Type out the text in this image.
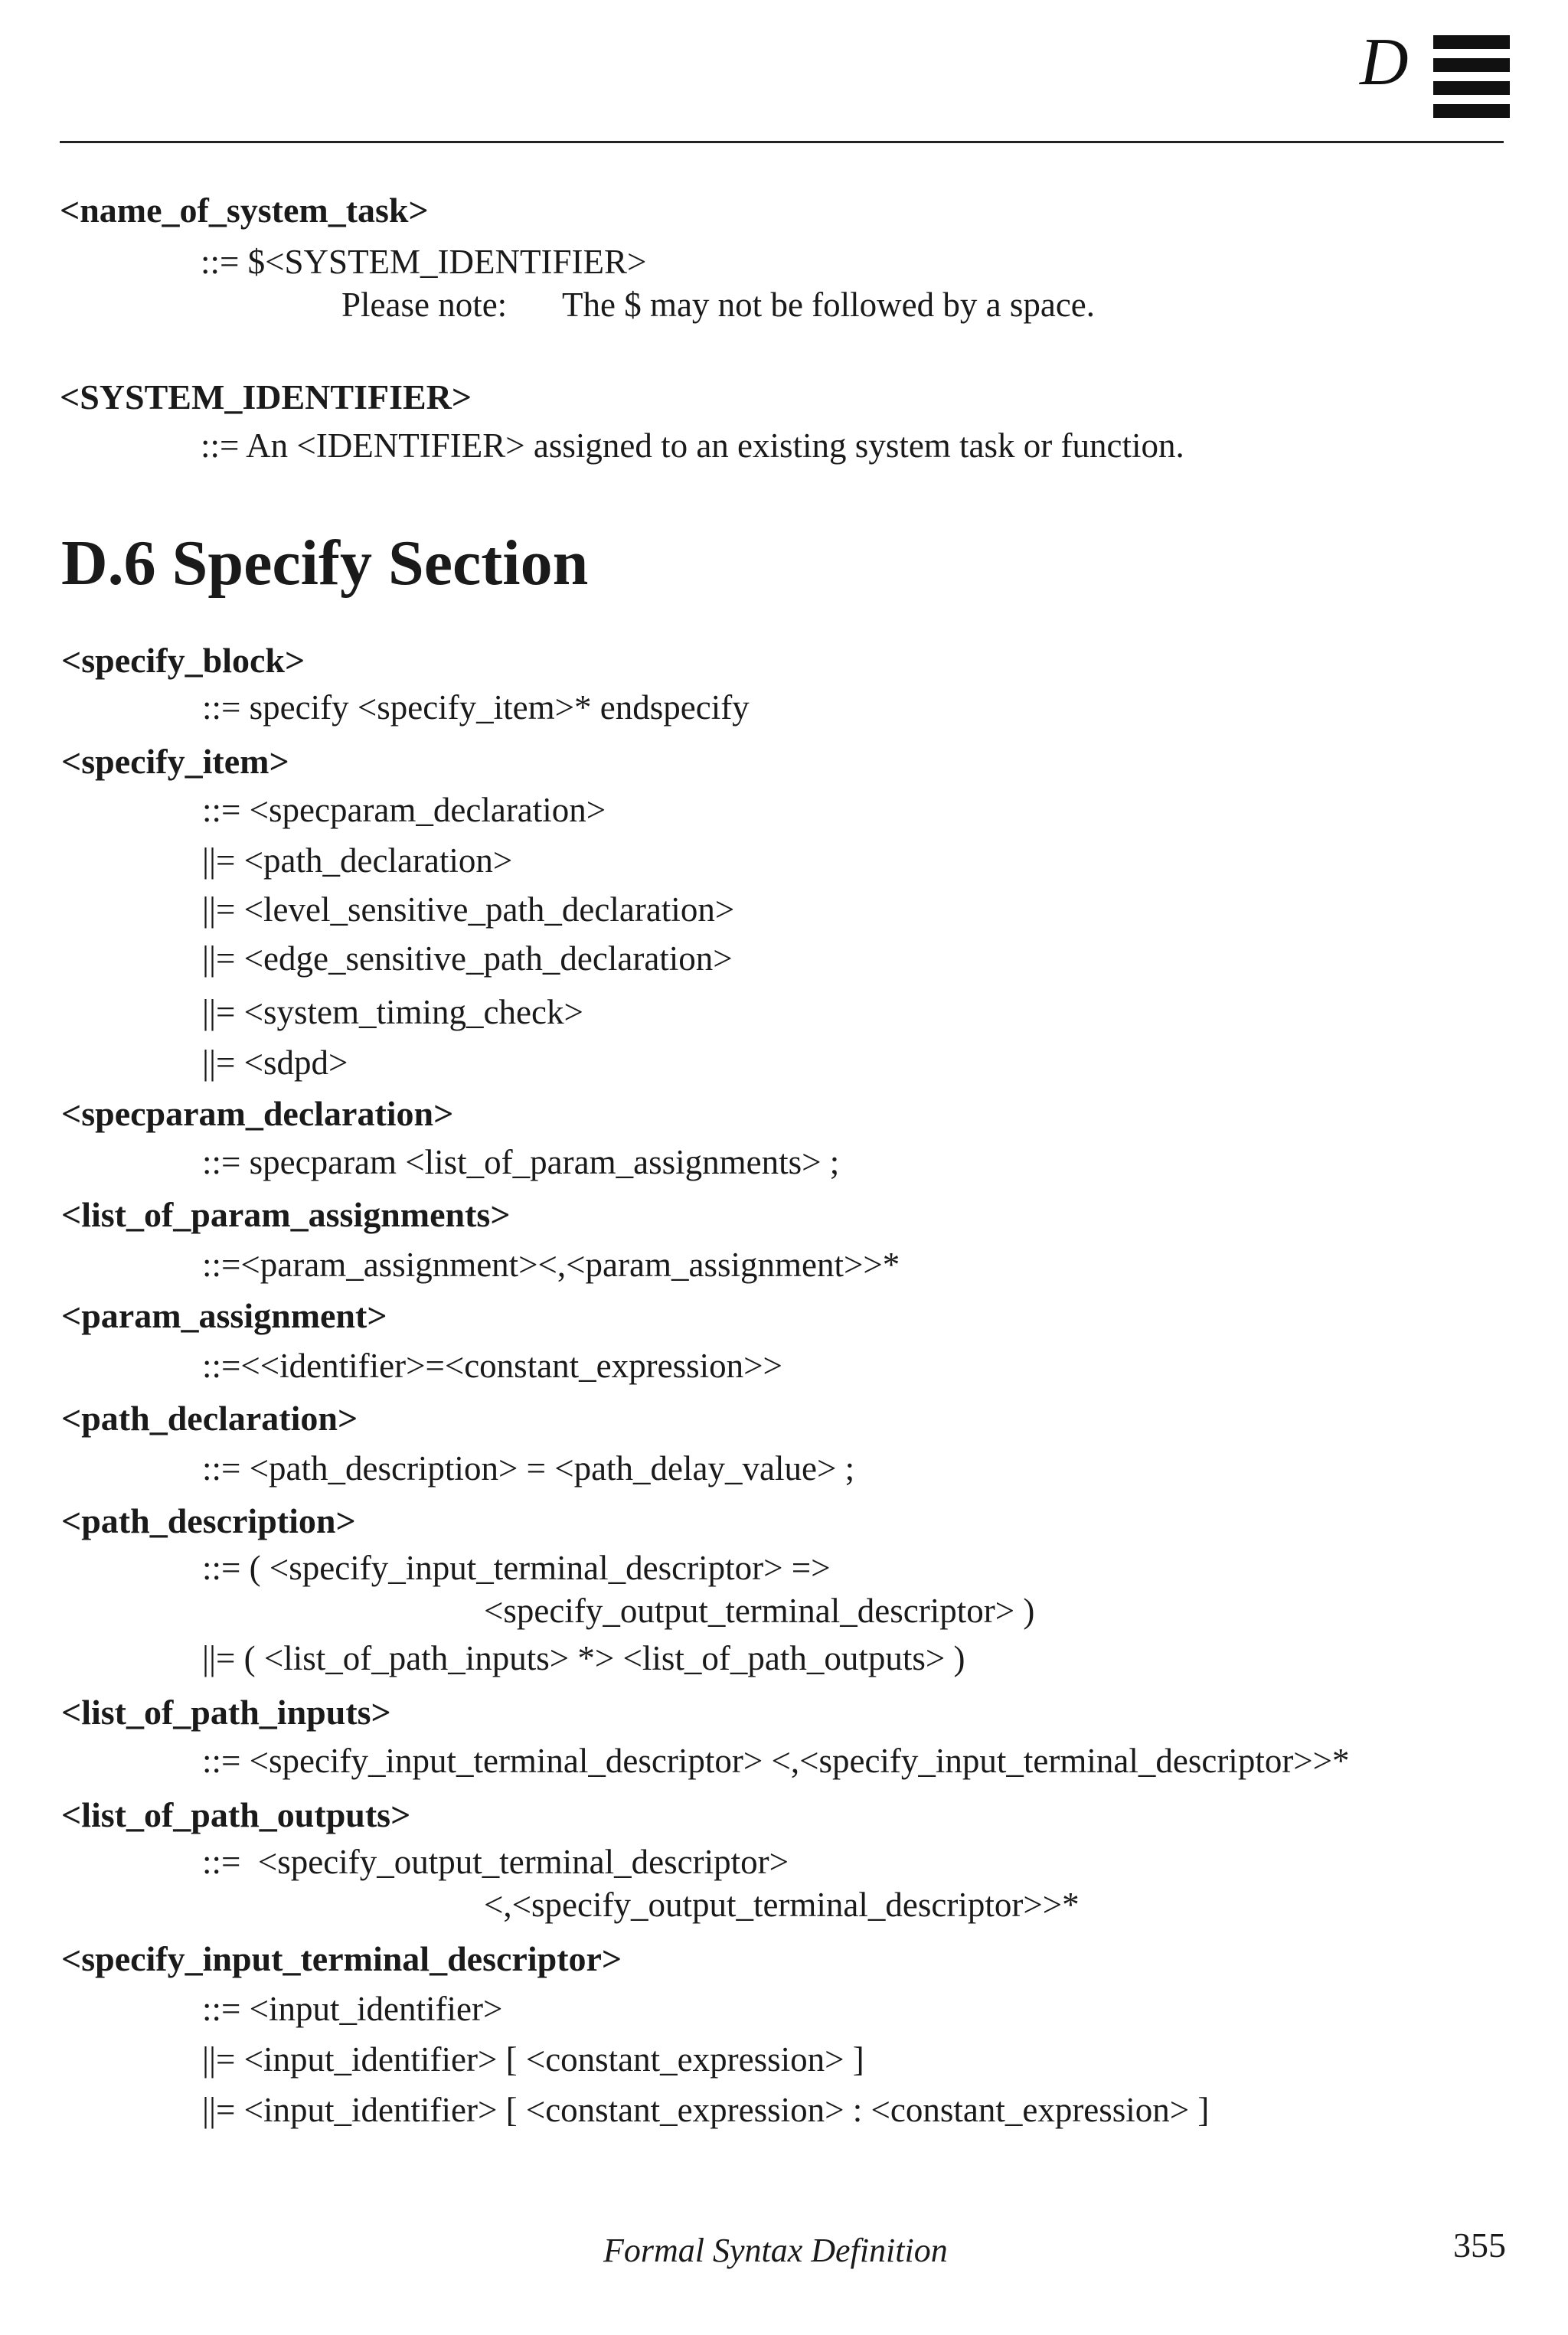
D
<name_of_system_task>
::= $<SYSTEM_IDENTIFIER>
Please note: The $ may not be followed by a space.
<SYSTEM_IDENTIFIER>
::= An <IDENTIFIER> assigned to an existing system task or function.
D.6 Specify Section
<specify_block>
::= specify <specify_item>* endspecify
<specify_item>
::= <specparam_declaration>
||= <path_declaration>
||= <level_sensitive_path_declaration>
||= <edge_sensitive_path_declaration>
||= <system_timing_check>
||= <sdpd>
<specparam_declaration>
::= specparam <list_of_param_assignments> ;
<list_of_param_assignments>
::=<param_assignment><,<param_assignment>>*
<param_assignment>
::=<<identifier>=<constant_expression>>
<path_declaration>
::= <path_description> = <path_delay_value> ;
<path_description>
::= ( <specify_input_terminal_descriptor> =>
<specify_output_terminal_descriptor> )
||= ( <list_of_path_inputs> *> <list_of_path_outputs> )
<list_of_path_inputs>
::= <specify_input_terminal_descriptor> <,<specify_input_terminal_descriptor>>*
<list_of_path_outputs>
::=  <specify_output_terminal_descriptor>
<,<specify_output_terminal_descriptor>>*
<specify_input_terminal_descriptor>
::= <input_identifier>
||= <input_identifier> [ <constant_expression> ]
||= <input_identifier> [ <constant_expression> : <constant_expression> ]
Formal Syntax Definition	355
